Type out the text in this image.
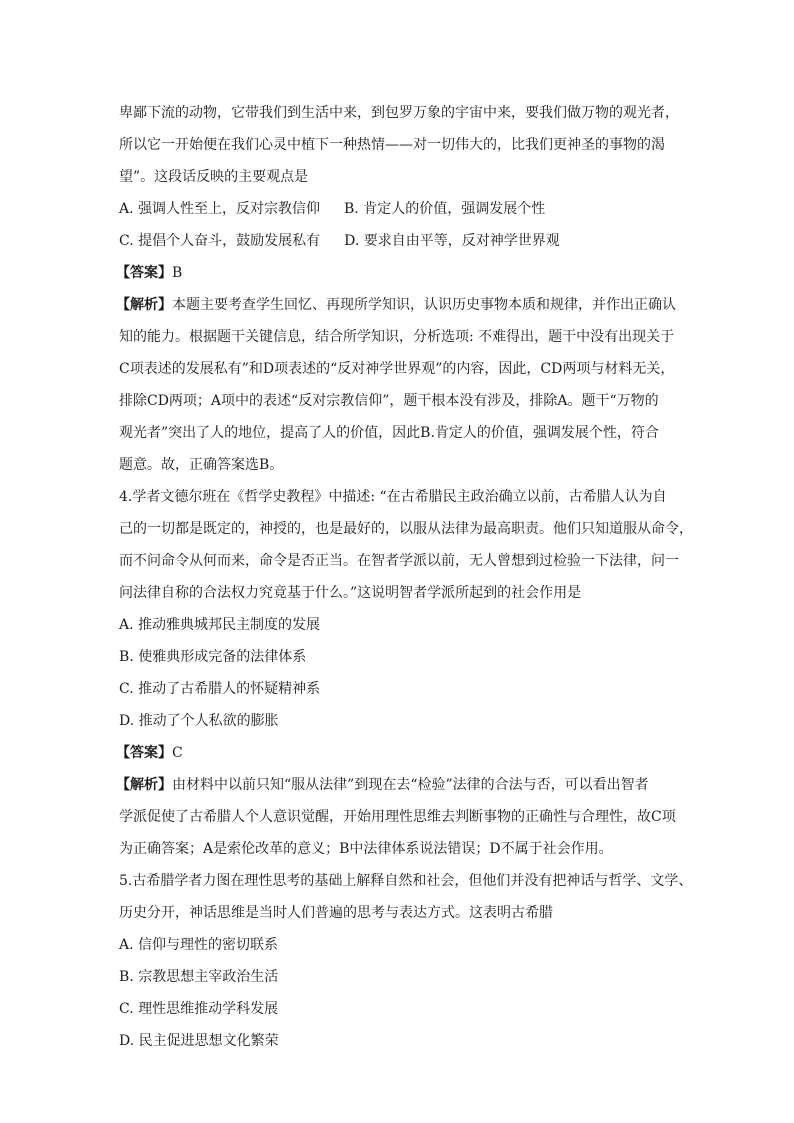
卑鄙下流的动物，它带我们到生活中来，到包罗万象的宇宙中来，要我们做万物的观光者，
所以它一开始便在我们心灵中植下一种热情——对一切伟大的，比我们更神圣的事物的渴
望”。这段话反映的主要观点是
A. 强调人性至上，反对宗教信仰 B. 肯定人的价值，强调发展个性
C. 提倡个人奋斗，鼓励发展私有 D. 要求自由平等，反对神学世界观
【答案】B
【解析】本题主要考查学生回忆、再现所学知识，认识历史事物本质和规律，并作出正确认
知的能力。根据题干关键信息，结合所学知识，分析选项: 不难得出，题干中没有出现关于
C项表述的发展私有”和D项表述的“反对神学世界观”的内容，因此，CD两项与材料无关，
排除CD两项；A项中的表述“反对宗教信仰”，题干根本没有涉及，排除A。题干“万物的
观光者”突出了人的地位，提高了人的价值，因此B.肯定人的价值，强调发展个性，符合
题意。故，正确答案选B。
4.学者文德尔班在《哲学史教程》中描述: “在古希腊民主政治确立以前，古希腊人认为自
己的一切都是既定的，神授的，也是最好的，以服从法律为最高职责。他们只知道服从命令，
而不问命令从何而来，命令是否正当。在智者学派以前，无人曾想到过检验一下法律，问一
问法律自称的合法权力究竟基于什么。”这说明智者学派所起到的社会作用是
A. 推动雅典城邦民主制度的发展
B. 使雅典形成完备的法律体系
C. 推动了古希腊人的怀疑精神系
D. 推动了个人私欲的膨胀
【答案】C
【解析】由材料中以前只知“服从法律”到现在去“检验”法律的合法与否，可以看出智者
学派促使了古希腊人个人意识觉醒，开始用理性思维去判断事物的正确性与合理性，故C项
为正确答案；A是索伦改革的意义；B中法律体系说法错误；D不属于社会作用。
5.古希腊学者力图在理性思考的基础上解释自然和社会，但他们并没有把神话与哲学、文学、
历史分开，神话思维是当时人们普遍的思考与表达方式。这表明古希腊
A. 信仰与理性的密切联系
B. 宗教思想主宰政治生活
C. 理性思维推动学科发展
D. 民主促进思想文化繁荣
